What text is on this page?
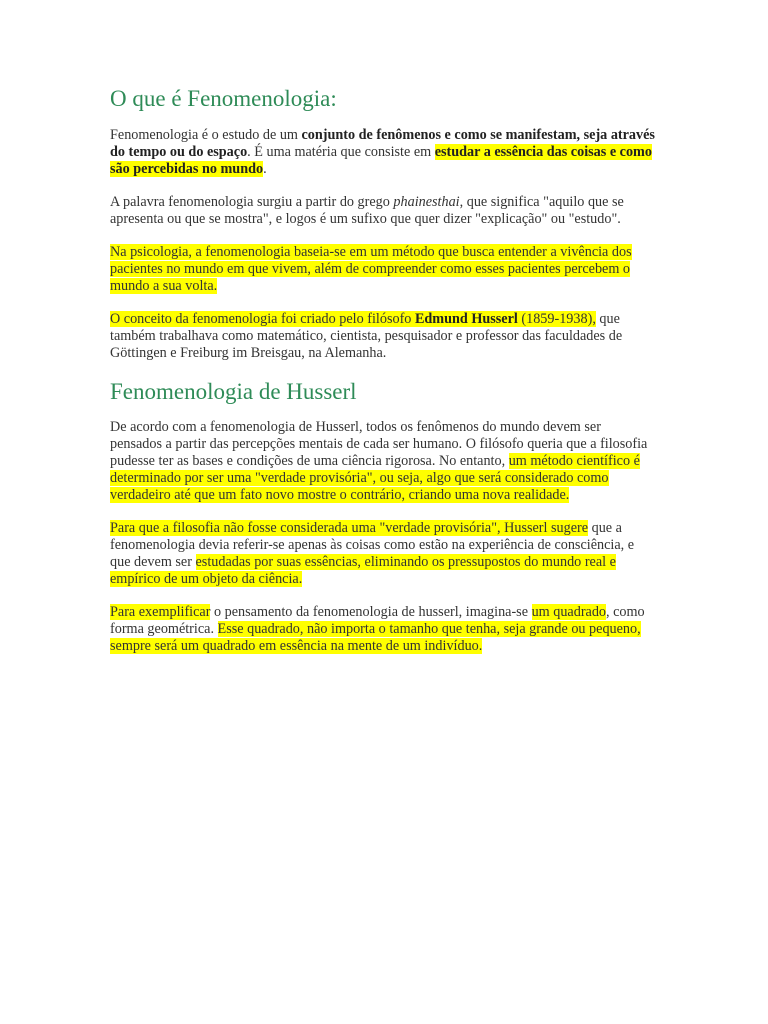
O que é Fenomenologia:

Fenomenologia é o estudo de um conjunto de fenômenos e como se manifestam, seja através do tempo ou do espaço. É uma matéria que consiste em estudar a essência das coisas e como são percebidas no mundo.

A palavra fenomenologia surgiu a partir do grego phainesthai, que significa "aquilo que se apresenta ou que se mostra", e logos é um sufixo que quer dizer "explicação" ou "estudo".

Na psicologia, a fenomenologia baseia-se em um método que busca entender a vivência dos pacientes no mundo em que vivem, além de compreender como esses pacientes percebem o mundo a sua volta.

O conceito da fenomenologia foi criado pelo filósofo Edmund Husserl (1859-1938), que também trabalhava como matemático, cientista, pesquisador e professor das faculdades de Göttingen e Freiburg im Breisgau, na Alemanha.

Fenomenologia de Husserl

De acordo com a fenomenologia de Husserl, todos os fenômenos do mundo devem ser pensados a partir das percepções mentais de cada ser humano. O filósofo queria que a filosofia pudesse ter as bases e condições de uma ciência rigorosa. No entanto, um método científico é determinado por ser uma "verdade provisória", ou seja, algo que será considerado como verdadeiro até que um fato novo mostre o contrário, criando uma nova realidade.

Para que a filosofia não fosse considerada uma "verdade provisória", Husserl sugere que a fenomenologia devia referir-se apenas às coisas como estão na experiência de consciência, e que devem ser estudadas por suas essências, eliminando os pressupostos do mundo real e empírico de um objeto da ciência.

Para exemplificar o pensamento da fenomenologia de husserl, imagina-se um quadrado, como forma geométrica. Esse quadrado, não importa o tamanho que tenha, seja grande ou pequeno, sempre será um quadrado em essência na mente de um indivíduo.
